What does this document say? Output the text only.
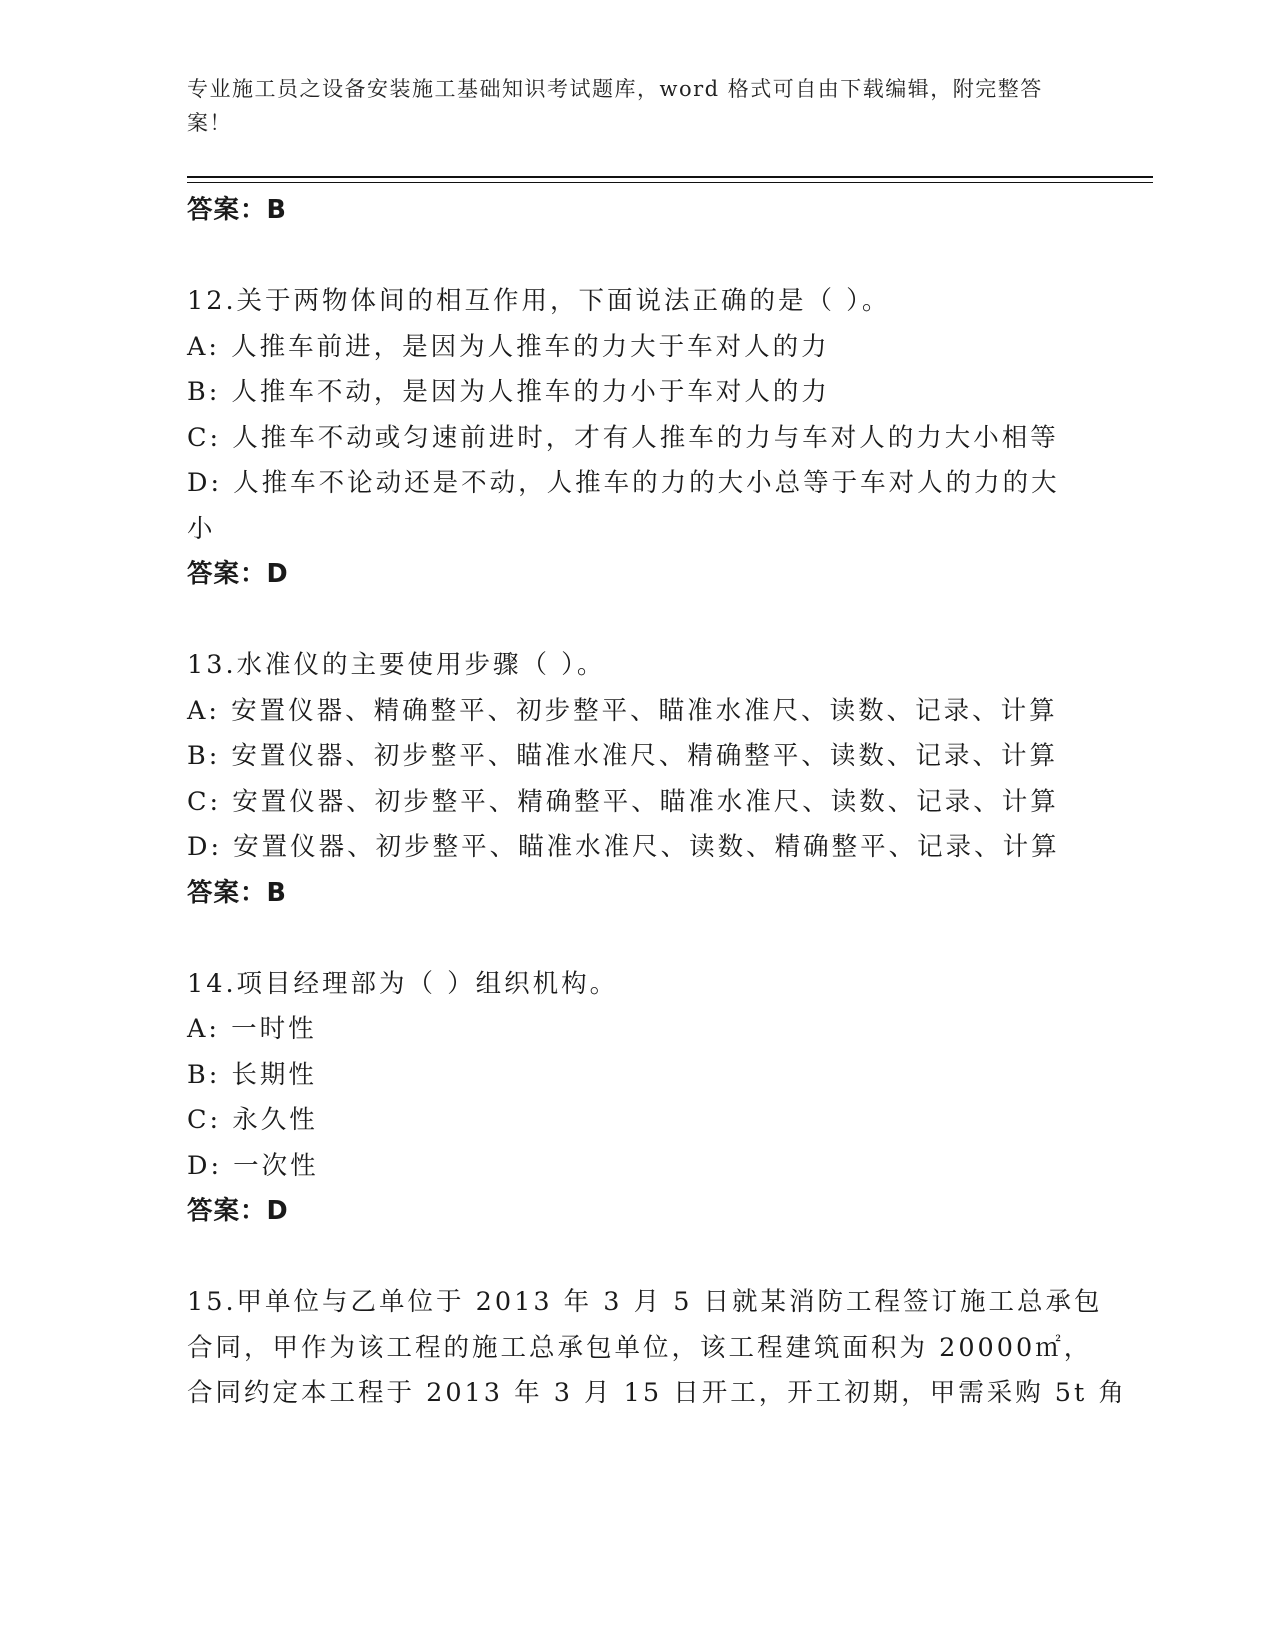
专业施工员之设备安装施工基础知识考试题库，word 格式可自由下载编辑，附完整答案！
答案：B
12.关于两物体间的相互作用，下面说法正确的是（ ）。
A: 人推车前进，是因为人推车的力大于车对人的力
B: 人推车不动，是因为人推车的力小于车对人的力
C: 人推车不动或匀速前进时，才有人推车的力与车对人的力大小相等
D: 人推车不论动还是不动，人推车的力的大小总等于车对人的力的大小
答案：D
13.水准仪的主要使用步骤（ ）。
A: 安置仪器、精确整平、初步整平、瞄准水准尺、读数、记录、计算
B: 安置仪器、初步整平、瞄准水准尺、精确整平、读数、记录、计算
C: 安置仪器、初步整平、精确整平、瞄准水准尺、读数、记录、计算
D: 安置仪器、初步整平、瞄准水准尺、读数、精确整平、记录、计算
答案：B
14.项目经理部为（ ）组织机构。
A: 一时性
B: 长期性
C: 永久性
D: 一次性
答案：D
15.甲单位与乙单位于 2013 年 3 月 5 日就某消防工程签订施工总承包
合同，甲作为该工程的施工总承包单位，该工程建筑面积为 20000㎡，
合同约定本工程于 2013 年 3 月 15 日开工，开工初期，甲需采购 5t 角
